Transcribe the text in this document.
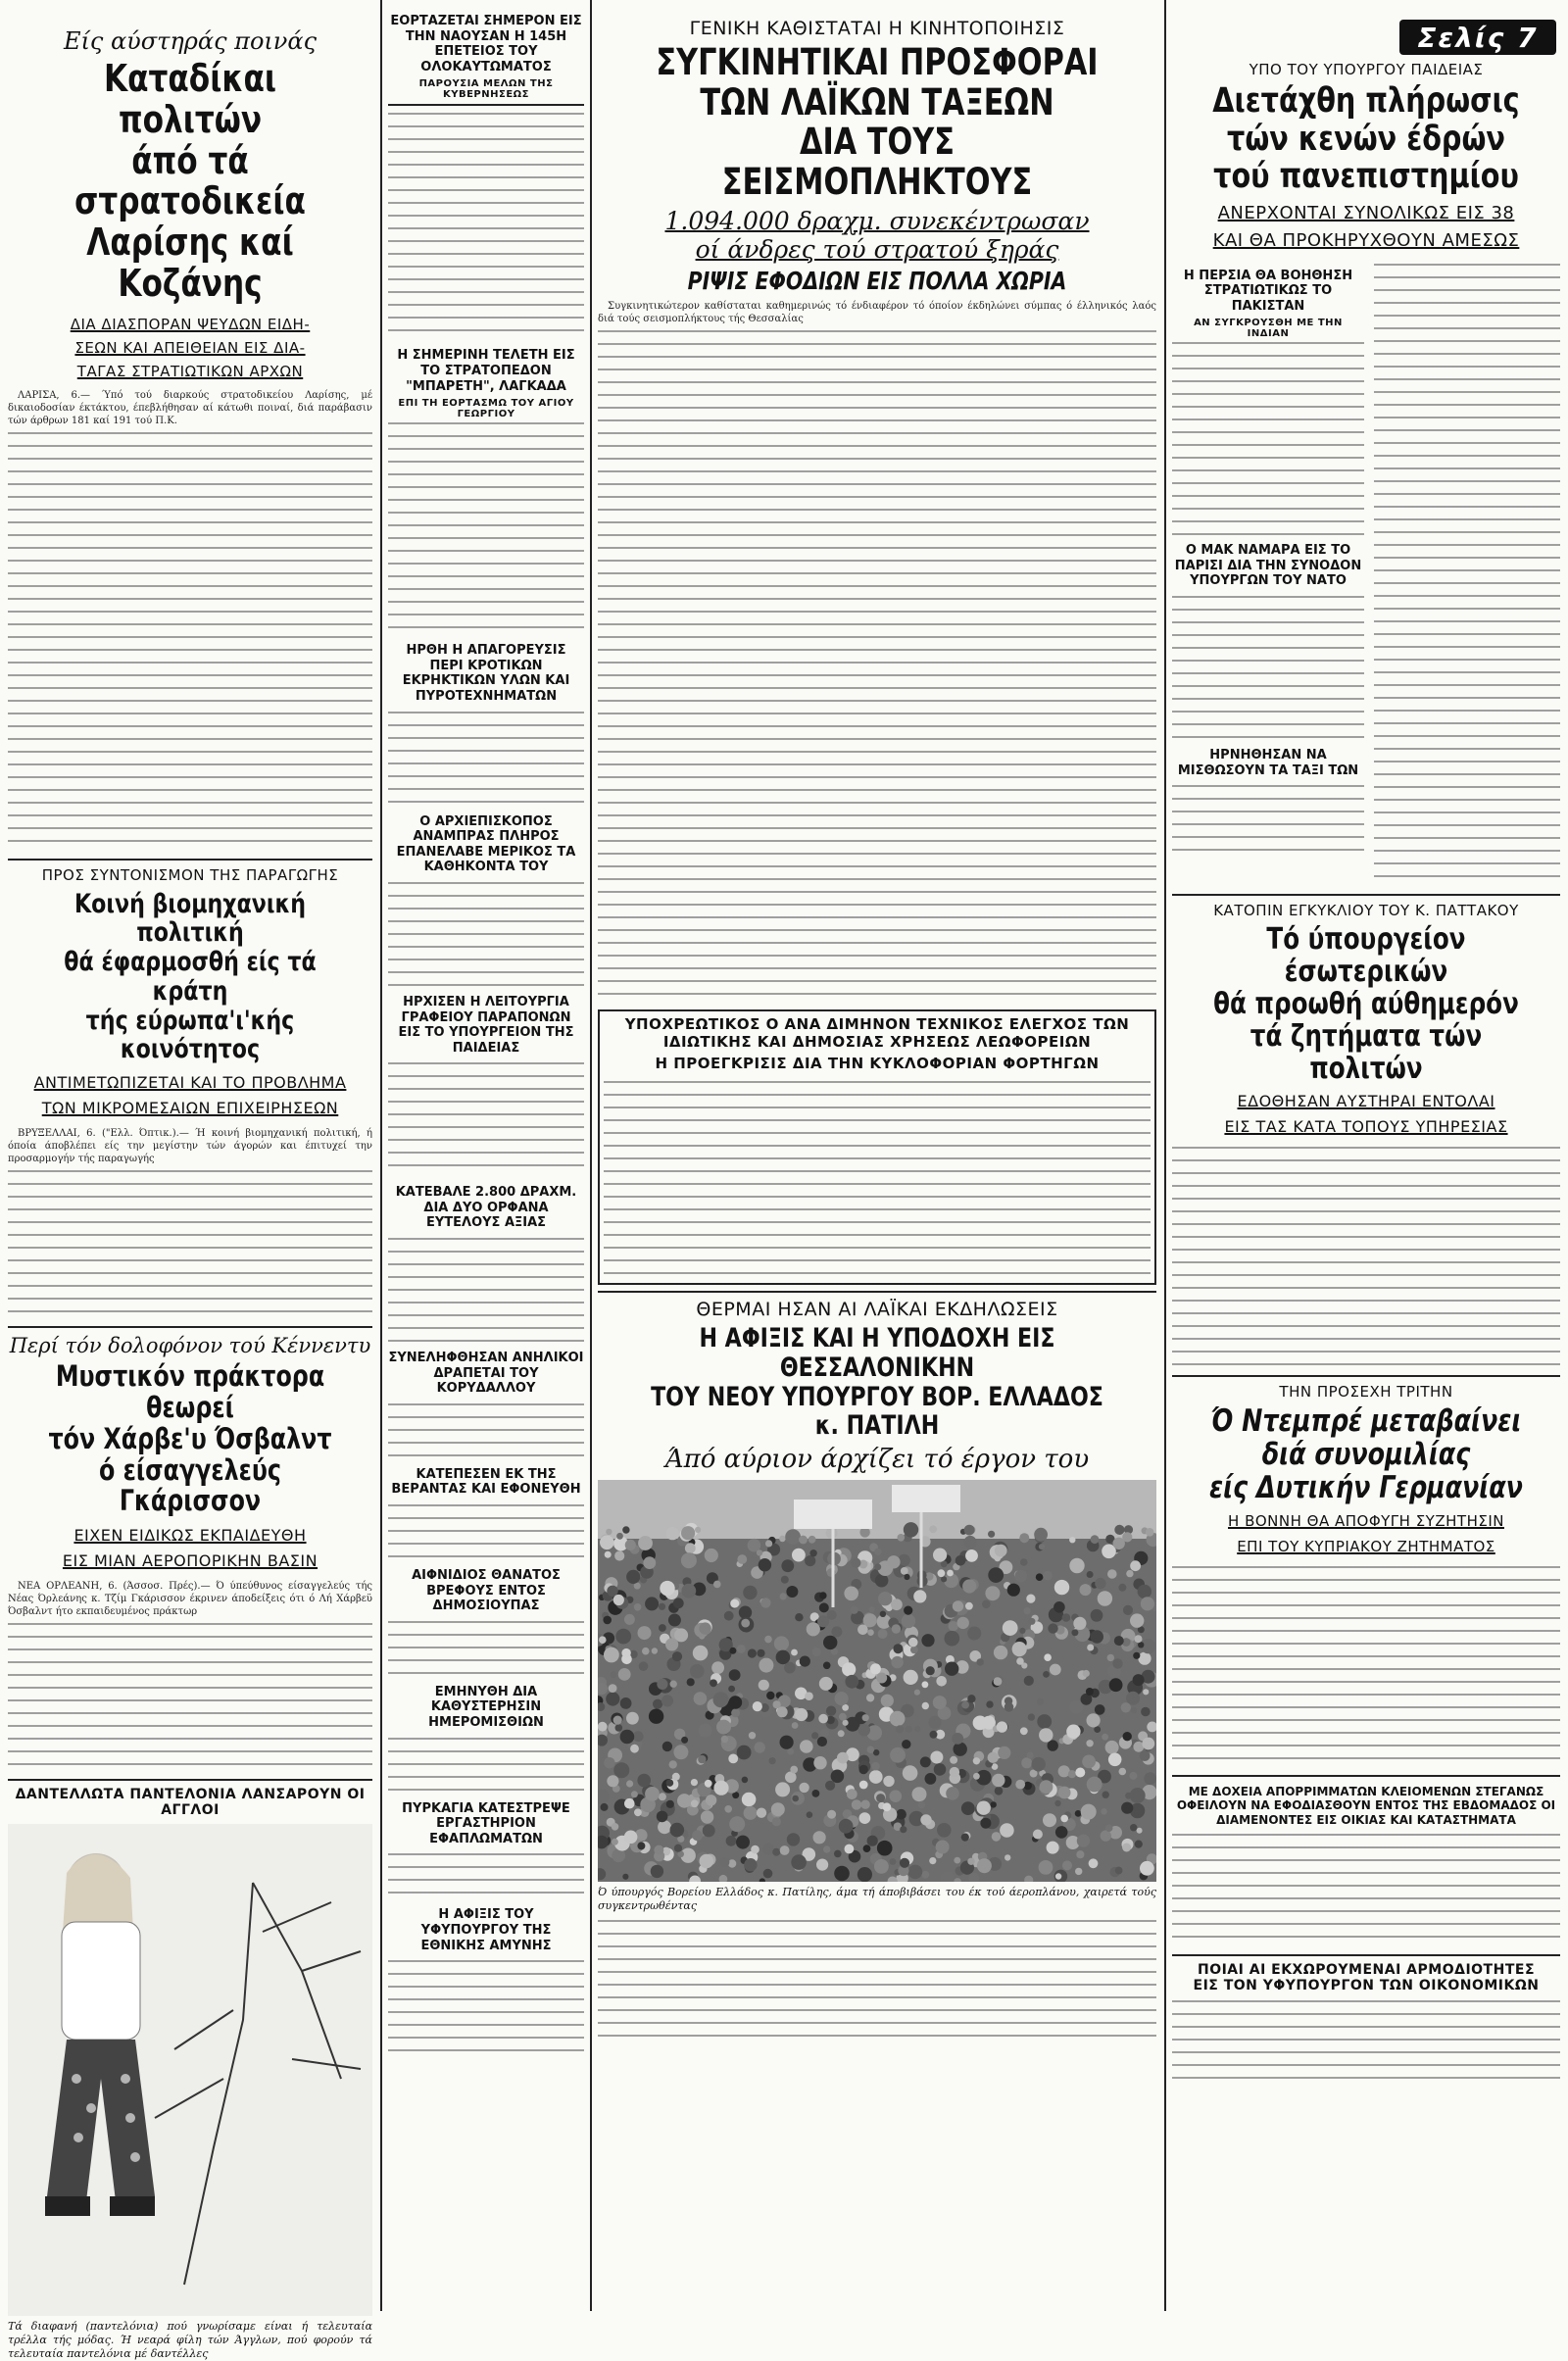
Είς αύστηράς ποινάς
Καταδίκαι πολιτών
άπό τά στρατοδικεία
Λαρίσης καί Κοζάνης
ΔΙΑ ΔΙΑΣΠΟΡΑΝ ΨΕΥΔΩΝ ΕΙΔΗ-
ΣΕΩΝ ΚΑΙ ΑΠΕΙΘΕΙΑΝ ΕΙΣ ΔΙΑ-
ΤΑΓΑΣ ΣΤΡΑΤΙΩΤΙΚΩΝ ΑΡΧΩΝ

ΛΑΡΙΣΑ, 6.— Ύπό τού διαρκούς στρατοδικείου Λαρίσης, μέ δικαιοδοσίαν έκτάκτου, έπεβλήθησαν αί κάτωθι ποιναί, διά παράβασιν τών άρθρων 181 καί 191 τού Π.Κ.

ΠΡΟΣ ΣΥΝΤΟΝΙΣΜΟΝ ΤΗΣ ΠΑΡΑΓΩΓΗΣ
Κοινή βιομηχανική πολιτική
θά έφαρμοσθή είς τά κράτη
τής εύρωπα'ι'κής κοινότητος
ΑΝΤΙΜΕΤΩΠΙΖΕΤΑΙ ΚΑΙ ΤΟ ΠΡΟΒΛΗΜΑ
ΤΩΝ ΜΙΚΡΟΜΕΣΑΙΩΝ ΕΠΙΧΕΙΡΗΣΕΩΝ

ΒΡΥΞΕΛΛΑΙ, 6. ("Ελλ. Όπτικ.).— Ή κοινή βιομηχανική πολιτική, ή όποία άποβλέπει είς την μεγίστην τών άγορών και έπιτυχεί την προσαρμογήν τής παραγωγής

Περί τόν δολοφόνον τού Κέννεντυ
Μυστικόν πράκτορα θεωρεί
τόν Χάρβε'υ Όσβαλντ
ό είσαγγελεύς Γκάρισσον
ΕΙΧΕΝ ΕΙΔΙΚΩΣ ΕΚΠΑΙΔΕΥΘΗ
ΕΙΣ ΜΙΑΝ ΑΕΡΟΠΟΡΙΚΗΝ ΒΑΣΙΝ

ΝΕΑ ΟΡΛΕΑΝΗ, 6. (Άσσοσ. Πρές).— Ό ύπεύθυνος είσαγγελεύς τής Νέας Όρλεάνης κ. Τζίμ Γκάρισσον έκρινεν άποδείξεις ότι ό Λή Χάρβεϋ Όσβαλντ ήτο εκπαιδευμένος πράκτωρ

ΔΑΝΤΕΛΛΩΤΑ ΠΑΝΤΕΛΟΝΙΑ ΛΑΝΣΑΡΟΥΝ ΟΙ ΑΓΓΛΟΙ
Τά διαφανή (παντελόνια) πού γνωρίσαμε είναι ή τελευταία τρέλλα τής μόδας. Ή νεαρά φίλη τών Άγγλων, πού φορούν τά τελευταία παντελόνια μέ δαντέλλες
ΕΟΡΤΑΖΕΤΑΙ ΣΗΜΕΡΟΝ ΕΙΣ ΤΗΝ ΝΑΟΥΣΑΝ Η 145Η ΕΠΕΤΕΙΟΣ ΤΟΥ ΟΛΟΚΑΥΤΩΜΑΤΟΣ
ΠΑΡΟΥΣΙΑ ΜΕΛΩΝ ΤΗΣ ΚΥΒΕΡΝΗΣΕΩΣ
Η ΣΗΜΕΡΙΝΗ ΤΕΛΕΤΗ ΕΙΣ ΤΟ ΣΤΡΑΤΟΠΕΔΟΝ "ΜΠΑΡΕΤΗ", ΛΑΓΚΑΔΑ
ΕΠΙ ΤΗ ΕΟΡΤΑΣΜΩ ΤΟΥ ΑΓΙΟΥ ΓΕΩΡΓΙΟΥ
ΗΡΘΗ Η ΑΠΑΓΟΡΕΥΣΙΣ ΠΕΡΙ ΚΡΟΤΙΚΩΝ ΕΚΡΗΚΤΙΚΩΝ ΥΛΩΝ ΚΑΙ ΠΥΡΟΤΕΧΝΗΜΑΤΩΝ
Ο ΑΡΧΙΕΠΙΣΚΟΠΟΣ ΑΝΑΜΠΡΑΣ ΠΛΗΡΟΣ ΕΠΑΝΕΛΑΒΕ ΜΕΡΙΚΟΣ ΤΑ ΚΑΘΗΚΟΝΤΑ ΤΟΥ
ΗΡΧΙΣΕΝ Η ΛΕΙΤΟΥΡΓΙΑ ΓΡΑΦΕΙΟΥ ΠΑΡΑΠΟΝΩΝ ΕΙΣ ΤΟ ΥΠΟΥΡΓΕΙΟΝ ΤΗΣ ΠΑΙΔΕΙΑΣ
ΚΑΤΕΒΑΛΕ 2.800 ΔΡΑΧΜ. ΔΙΑ ΔΥΟ ΟΡΦΑΝΑ ΕΥΤΕΛΟΥΣ ΑΞΙΑΣ
ΣΥΝΕΛΗΦΘΗΣΑΝ ΑΝΗΛΙΚΟΙ ΔΡΑΠΕΤΑΙ ΤΟΥ ΚΟΡΥΔΑΛΛΟΥ
ΚΑΤΕΠΕΣΕΝ ΕΚ ΤΗΣ ΒΕΡΑΝΤΑΣ ΚΑΙ ΕΦΟΝΕΥΘΗ
ΑΙΦΝΙΔΙΟΣ ΘΑΝΑΤΟΣ ΒΡΕΦΟΥΣ ΕΝΤΟΣ ΔΗΜΟΣΙΟΥΠΑΣ
ΕΜΗΝΥΘΗ ΔΙΑ ΚΑΘΥΣΤΕΡΗΣΙΝ ΗΜΕΡΟΜΙΣΘΙΩΝ
ΠΥΡΚΑΓΙΑ ΚΑΤΕΣΤΡΕΨΕ ΕΡΓΑΣΤΗΡΙΟΝ ΕΦΑΠΛΩΜΑΤΩΝ
Η ΑΦΙΞΙΣ ΤΟΥ ΥΦΥΠΟΥΡΓΟΥ ΤΗΣ ΕΘΝΙΚΗΣ ΑΜΥΝΗΣ
ΓΕΝΙΚΗ ΚΑΘΙΣΤΑΤΑΙ Η ΚΙΝΗΤΟΠΟΙΗΣΙΣ
ΣΥΓΚΙΝΗΤΙΚΑΙ ΠΡΟΣΦΟΡΑΙ
ΤΩΝ ΛΑΪΚΩΝ ΤΑΞΕΩΝ
ΔΙΑ ΤΟΥΣ ΣΕΙΣΜΟΠΛΗΚΤΟΥΣ
1.094.000 δραχμ. συνεκέντρωσαν
οί άνδρες τού στρατού ξηράς
ΡΙΨΙΣ ΕΦΟΔΙΩΝ ΕΙΣ ΠΟΛΛΑ ΧΩΡΙΑ

Συγκινητικώτερον καθίσταται καθημερινώς τό ένδιαφέρον τό όποίον έκδηλώνει σύμπας ό έλληνικός λαός διά τούς σεισμοπλήκτους τής Θεσσαλίας

ΥΠΟΧΡΕΩΤΙΚΟΣ Ο ΑΝΑ ΔΙΜΗΝΟΝ ΤΕΧΝΙΚΟΣ ΕΛΕΓΧΟΣ ΤΩΝ ΙΔΙΩΤΙΚΗΣ ΚΑΙ ΔΗΜΟΣΙΑΣ ΧΡΗΣΕΩΣ ΛΕΩΦΟΡΕΙΩΝ
Η ΠΡΟΕΓΚΡΙΣΙΣ ΔΙΑ ΤΗΝ ΚΥΚΛΟΦΟΡΙΑΝ ΦΟΡΤΗΓΩΝ
ΘΕΡΜΑΙ ΗΣΑΝ ΑΙ ΛΑΪΚΑΙ ΕΚΔΗΛΩΣΕΙΣ
Η ΑΦΙΞΙΣ ΚΑΙ Η ΥΠΟΔΟΧΗ ΕΙΣ ΘΕΣΣΑΛΟΝΙΚΗΝ
ΤΟΥ ΝΕΟΥ ΥΠΟΥΡΓΟΥ ΒΟΡ. ΕΛΛΑΔΟΣ κ. ΠΑΤΙΛΗ
Άπό αύριον άρχίζει τό έργον του
Ό ύπουργός Βορείου Ελλάδος κ. Πατίλης, άμα τή άποβιβάσει του έκ τού άεροπλάνου, χαιρετά τούς συγκεντρωθέντας
Σελίς 7
ΥΠΟ ΤΟΥ ΥΠΟΥΡΓΟΥ ΠΑΙΔΕΙΑΣ
Διετάχθη πλήρωσις
τών κενών έδρών
τού πανεπιστημίου
ΑΝΕΡΧΟΝΤΑΙ ΣΥΝΟΛΙΚΩΣ ΕΙΣ 38
ΚΑΙ ΘΑ ΠΡΟΚΗΡΥΧΘΟΥΝ ΑΜΕΣΩΣ
Η ΠΕΡΣΙΑ ΘΑ ΒΟΗΘΗΣΗ ΣΤΡΑΤΙΩΤΙΚΩΣ ΤΟ ΠΑΚΙΣΤΑΝ
ΑΝ ΣΥΓΚΡΟΥΣΘΗ ΜΕ ΤΗΝ ΙΝΔΙΑΝ
Ο ΜΑΚ ΝΑΜΑΡΑ ΕΙΣ ΤΟ ΠΑΡΙΣΙ ΔΙΑ ΤΗΝ ΣΥΝΟΔΟΝ ΥΠΟΥΡΓΩΝ ΤΟΥ ΝΑΤΟ
ΗΡΝΗΘΗΣΑΝ ΝΑ ΜΙΣΘΩΣΟΥΝ ΤΑ ΤΑΞΙ ΤΩΝ
ΚΑΤΟΠΙΝ ΕΓΚΥΚΛΙΟΥ ΤΟΥ Κ. ΠΑΤΤΑΚΟΥ
Τό ύπουργείον έσωτερικών
θά προωθή αύθημερόν
τά ζητήματα τών πολιτών
ΕΔΟΘΗΣΑΝ ΑΥΣΤΗΡΑΙ ΕΝΤΟΛΑΙ
ΕΙΣ ΤΑΣ ΚΑΤΑ ΤΟΠΟΥΣ ΥΠΗΡΕΣΙΑΣ
ΤΗΝ ΠΡΟΣΕΧΗ ΤΡΙΤΗΝ
Ό Ντεμπρέ μεταβαίνει
διά συνομιλίας
είς Δυτικήν Γερμανίαν
Η ΒΟΝΝΗ ΘΑ ΑΠΟΦΥΓΗ ΣΥΖΗΤΗΣΙΝ
ΕΠΙ ΤΟΥ ΚΥΠΡΙΑΚΟΥ ΖΗΤΗΜΑΤΟΣ
ΜΕ ΔΟΧΕΙΑ ΑΠΟΡΡΙΜΜΑΤΩΝ ΚΛΕΙΟΜΕΝΩΝ ΣΤΕΓΑΝΩΣ ΟΦΕΙΛΟΥΝ ΝΑ ΕΦΟΔΙΑΣΘΟΥΝ ΕΝΤΟΣ ΤΗΣ ΕΒΔΟΜΑΔΟΣ ΟΙ ΔΙΑΜΕΝΟΝΤΕΣ ΕΙΣ ΟΙΚΙΑΣ ΚΑΙ ΚΑΤΑΣΤΗΜΑΤΑ
ΠΟΙΑΙ ΑΙ ΕΚΧΩΡΟΥΜΕΝΑΙ ΑΡΜΟΔΙΟΤΗΤΕΣ
ΕΙΣ ΤΟΝ ΥΦΥΠΟΥΡΓΟΝ ΤΩΝ ΟΙΚΟΝΟΜΙΚΩΝ
